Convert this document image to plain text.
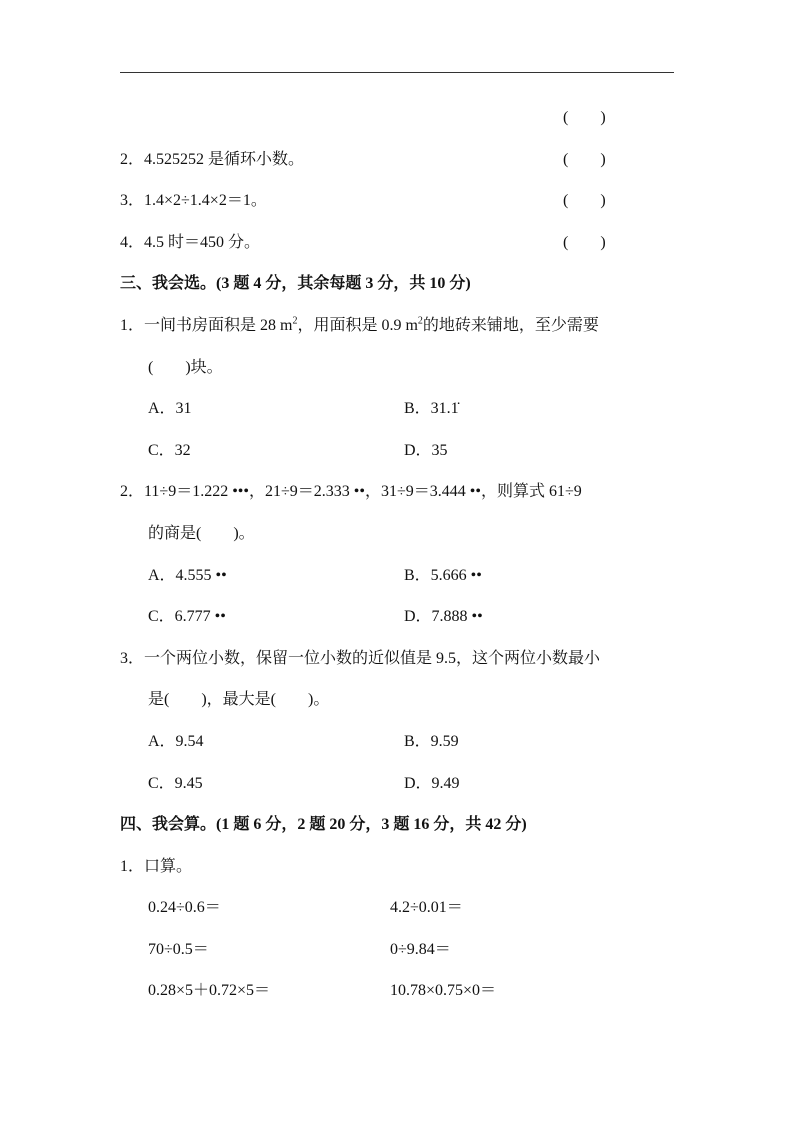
(　　)
2．4.525252 是循环小数。	(　　)
3．1.4×2÷1.4×2＝1。	(　　)
4．4.5 时＝450 分。	(　　)
三、我会选。(3 题 4 分，其余每题 3 分，共 10 分)
1．一间书房面积是 28 $m^2$，用面积是 0.9 $m^2$的地砖来铺地，至少需要
(　　)块。
A．31	B．31.1̇
C．32	D．35
2．11÷9＝1.222 •••，21÷9＝2.333 ••，31÷9＝3.444 ••，则算式 61÷9
的商是(　　)。
A．4.555 ••	B．5.666 ••
C．6.777 ••	D．7.888 ••
3．一个两位小数，保留一位小数的近似值是 9.5，这个两位小数最小
是(　　)，最大是(　　)。
A．9.54	B．9.59
C．9.45	D．9.49
四、我会算。(1 题 6 分，2 题 20 分，3 题 16 分，共 42 分)
1．口算。
0.24÷0.6＝	4.2÷0.01＝
70÷0.5＝	0÷9.84＝
0.28×5＋0.72×5＝	10.78×0.75×0＝
